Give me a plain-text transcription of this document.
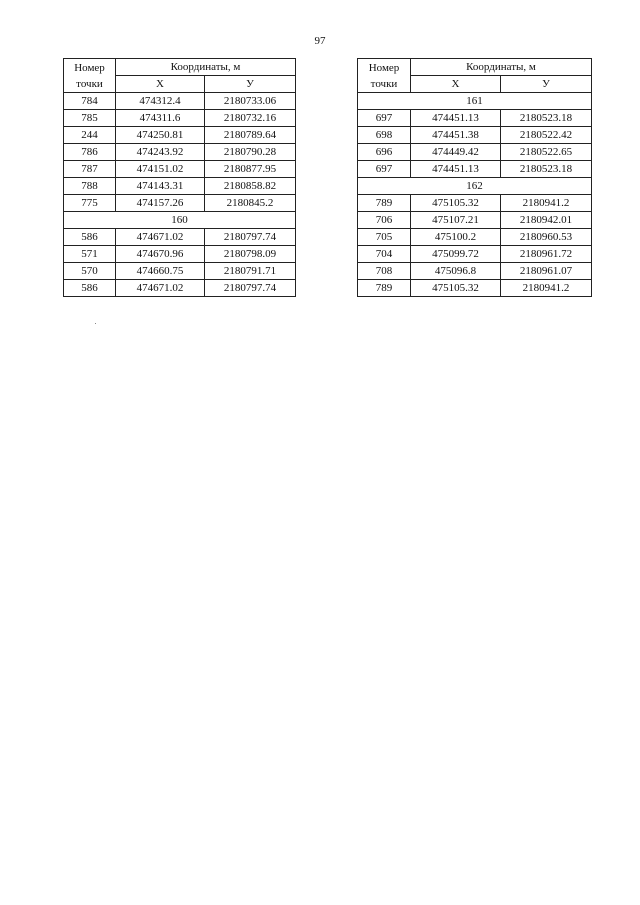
97
Номер точки	Координаты, м	
	Х	У
784	474312.4	2180733.06
785	474311.6	2180732.16
244	474250.81	2180789.64
786	474243.92	2180790.28
787	474151.02	2180877.95
788	474143.31	2180858.82
775	474157.26	2180845.2
160		
586	474671.02	2180797.74
571	474670.96	2180798.09
570	474660.75	2180791.71
586	474671.02	2180797.74
Номер точки	Координаты, м	
	Х	У
161		
697	474451.13	2180523.18
698	474451.38	2180522.42
696	474449.42	2180522.65
697	474451.13	2180523.18
162		
789	475105.32	2180941.2
706	475107.21	2180942.01
705	475100.2	2180960.53
704	475099.72	2180961.72
708	475096.8	2180961.07
789	475105.32	2180941.2
